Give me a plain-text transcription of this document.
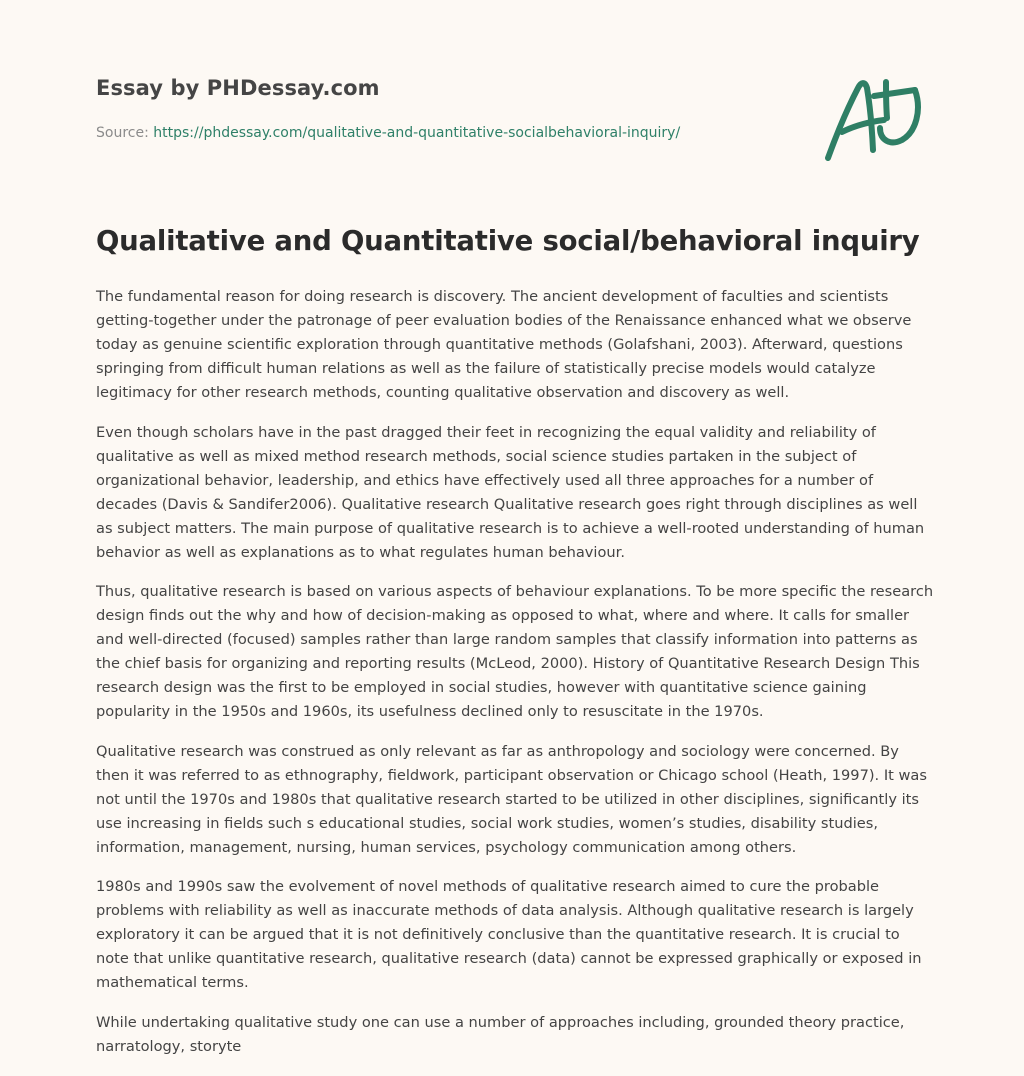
Essay by PHDessay.com
Source: https://phdessay.com/qualitative-and-quantitative-socialbehavioral-inquiry/
Qualitative and Quantitative social/behavioral inquiry

The fundamental reason for doing research is discovery. The ancient development of faculties and scientists getting-together under the patronage of peer evaluation bodies of the Renaissance enhanced what we observe today as genuine scientific exploration through quantitative methods (Golafshani, 2003). Afterward, questions springing from difficult human relations as well as the failure of statistically precise models would catalyze legitimacy for other research methods, counting qualitative observation and discovery as well.

Even though scholars have in the past dragged their feet in recognizing the equal validity and reliability of qualitative as well as mixed method research methods, social science studies partaken in the subject of organizational behavior, leadership, and ethics have effectively used all three approaches for a number of decades (Davis & Sandifer2006). Qualitative research Qualitative research goes right through disciplines as well as subject matters. The main purpose of qualitative research is to achieve a well-rooted understanding of human behavior as well as explanations as to what regulates human behaviour.

Thus, qualitative research is based on various aspects of behaviour explanations. To be more specific the research design finds out the why and how of decision-making as opposed to what, where and where. It calls for smaller and well-directed (focused) samples rather than large random samples that classify information into patterns as the chief basis for organizing and reporting results (McLeod, 2000). History of Quantitative Research Design This research design was the first to be employed in social studies, however with quantitative science gaining popularity in the 1950s and 1960s, its usefulness declined only to resuscitate in the 1970s.

Qualitative research was construed as only relevant as far as anthropology and sociology were concerned. By then it was referred to as ethnography, fieldwork, participant observation or Chicago school (Heath, 1997). It was not until the 1970s and 1980s that qualitative research started to be utilized in other disciplines, significantly its use increasing in fields such s educational studies, social work studies, women’s studies, disability studies, information, management, nursing, human services, psychology communication among others.

1980s and 1990s saw the evolvement of novel methods of qualitative research aimed to cure the probable problems with reliability as well as inaccurate methods of data analysis. Although qualitative research is largely exploratory it can be argued that it is not definitively conclusive than the quantitative research. It is crucial to note that unlike quantitative research, qualitative research (data) cannot be expressed graphically or exposed in mathematical terms.

While undertaking qualitative study one can use a number of approaches including, grounded theory practice, narratology, storyte
